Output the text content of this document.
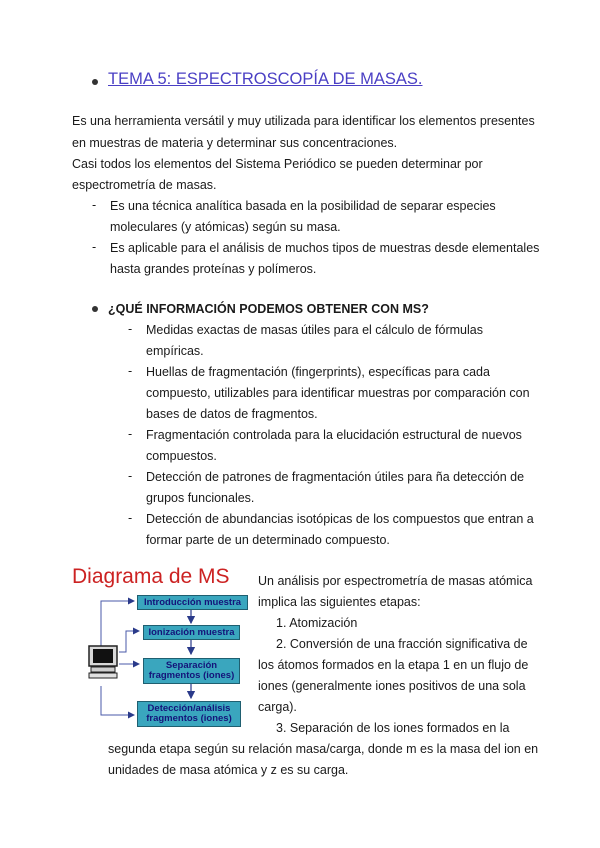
TEMA 5: ESPECTROSCOPÍA DE MASAS.
Es una herramienta versátil y muy utilizada para identificar los elementos presentes
en muestras de materia y determinar sus concentraciones.
Casi todos los elementos del Sistema Periódico se pueden determinar por
espectrometría de masas.
- Es una técnica analítica basada en la posibilidad de separar especies
moleculares (y atómicas) según su masa.
- Es aplicable para el análisis de muchos tipos de muestras desde elementales
hasta grandes proteínas y polímeros.
¿QUÉ INFORMACIÓN PODEMOS OBTENER CON MS?
- Medidas exactas de masas útiles para el cálculo de fórmulas
empíricas.
- Huellas de fragmentación (fingerprints), específicas para cada
compuesto, utilizables para identificar muestras por comparación con
bases de datos de fragmentos.
- Fragmentación controlada para la elucidación estructural de nuevos
compuestos.
- Detección de patrones de fragmentación útiles para ña detección de
grupos funcionales.
- Detección de abundancias isotópicas de los compuestos que entran a
formar parte de un determinado compuesto.
Diagrama de MS
Introducción muestra
Ionización muestra
Separación
fragmentos (iones)
Detección/análisis
fragmentos (iones)
Un análisis por espectrometría de masas atómica
implica las siguientes etapas:
1. Atomización
2. Conversión de una fracción significativa de
los átomos formados en la etapa 1 en un flujo de
iones (generalmente iones positivos de una sola
carga).
3. Separación de los iones formados en la
segunda etapa según su relación masa/carga, donde m es la masa del ion en
unidades de masa atómica y z es su carga.
